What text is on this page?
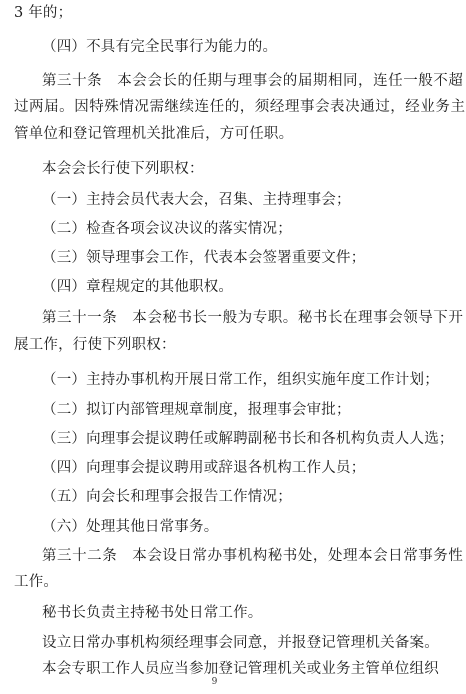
3 年的；
（四）不具有完全民事行为能力的。
第三十条　本会会长的任期与理事会的届期相同，连任一般不超
过两届。因特殊情况需继续连任的，须经理事会表决通过，经业务主
管单位和登记管理机关批准后，方可任职。
本会会长行使下列职权：
（一）主持会员代表大会，召集、主持理事会；
（二）检查各项会议决议的落实情况；
（三）领导理事会工作，代表本会签署重要文件；
（四）章程规定的其他职权。
第三十一条　本会秘书长一般为专职。秘书长在理事会领导下开
展工作，行使下列职权：
（一）主持办事机构开展日常工作，组织实施年度工作计划；
（二）拟订内部管理规章制度，报理事会审批；
（三）向理事会提议聘任或解聘副秘书长和各机构负责人人选；
（四）向理事会提议聘用或辞退各机构工作人员；
（五）向会长和理事会报告工作情况；
（六）处理其他日常事务。
第三十二条　本会设日常办事机构秘书处，处理本会日常事务性
工作。
秘书长负责主持秘书处日常工作。
设立日常办事机构须经理事会同意，并报登记管理机关备案。
本会专职工作人员应当参加登记管理机关或业务主管单位组织
9
